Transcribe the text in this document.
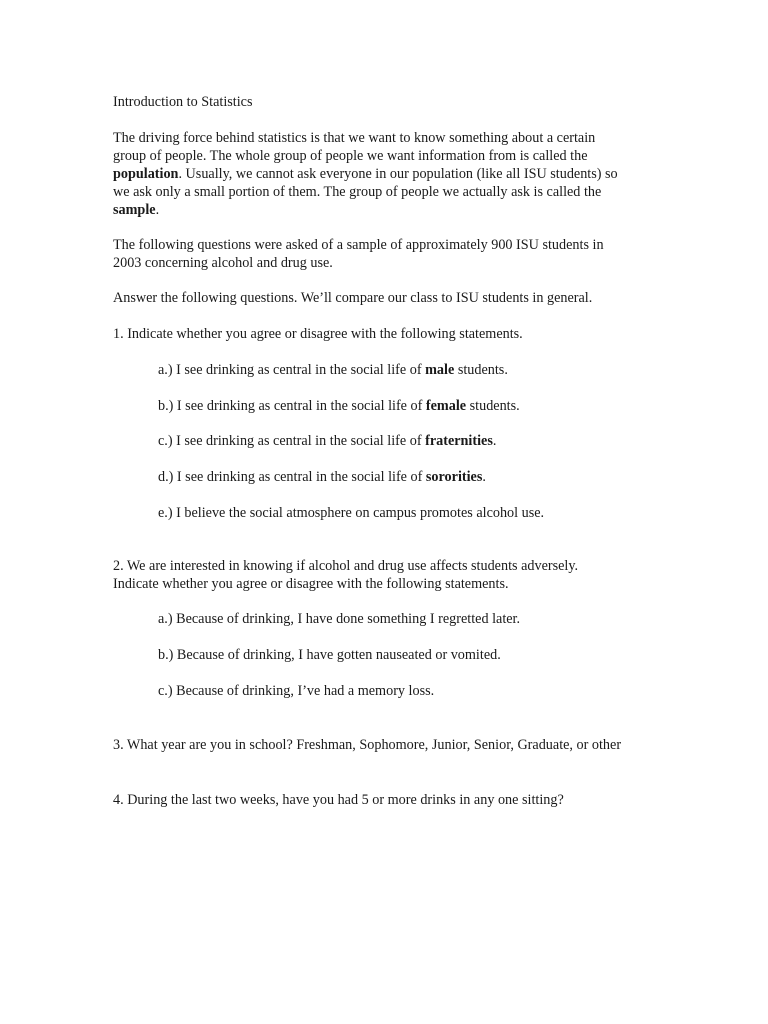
Introduction to Statistics
The driving force behind statistics is that we want to know something about a certain
group of people. The whole group of people we want information from is called the
population. Usually, we cannot ask everyone in our population (like all ISU students) so
we ask only a small portion of them. The group of people we actually ask is called the
sample.
The following questions were asked of a sample of approximately 900 ISU students in
2003 concerning alcohol and drug use.
Answer the following questions. We’ll compare our class to ISU students in general.
1. Indicate whether you agree or disagree with the following statements.
a.) I see drinking as central in the social life of male students.
b.) I see drinking as central in the social life of female students.
c.) I see drinking as central in the social life of fraternities.
d.) I see drinking as central in the social life of sororities.
e.) I believe the social atmosphere on campus promotes alcohol use.
2. We are interested in knowing if alcohol and drug use affects students adversely.
Indicate whether you agree or disagree with the following statements.
a.) Because of drinking, I have done something I regretted later.
b.) Because of drinking, I have gotten nauseated or vomited.
c.) Because of drinking, I’ve had a memory loss.
3. What year are you in school? Freshman, Sophomore, Junior, Senior, Graduate, or other
4. During the last two weeks, have you had 5 or more drinks in any one sitting?
